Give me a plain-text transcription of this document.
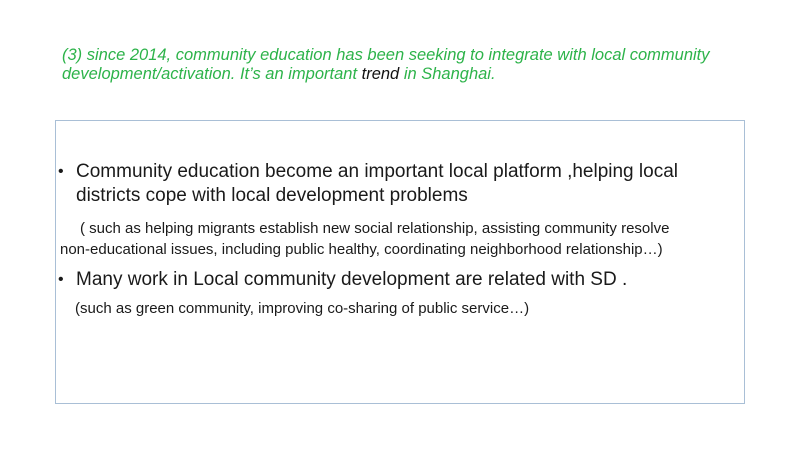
(3) since 2014, community education has been seeking to integrate with local community development/activation. It’s an important trend in Shanghai.

• Community education become an important local platform ,helping local
districts cope with local development problems
( such as helping migrants establish new social relationship, assisting community resolve
non-educational issues, including public healthy, coordinating neighborhood relationship…)
• Many work in Local community development are related with SD .
(such as green community, improving co-sharing of public service…)
